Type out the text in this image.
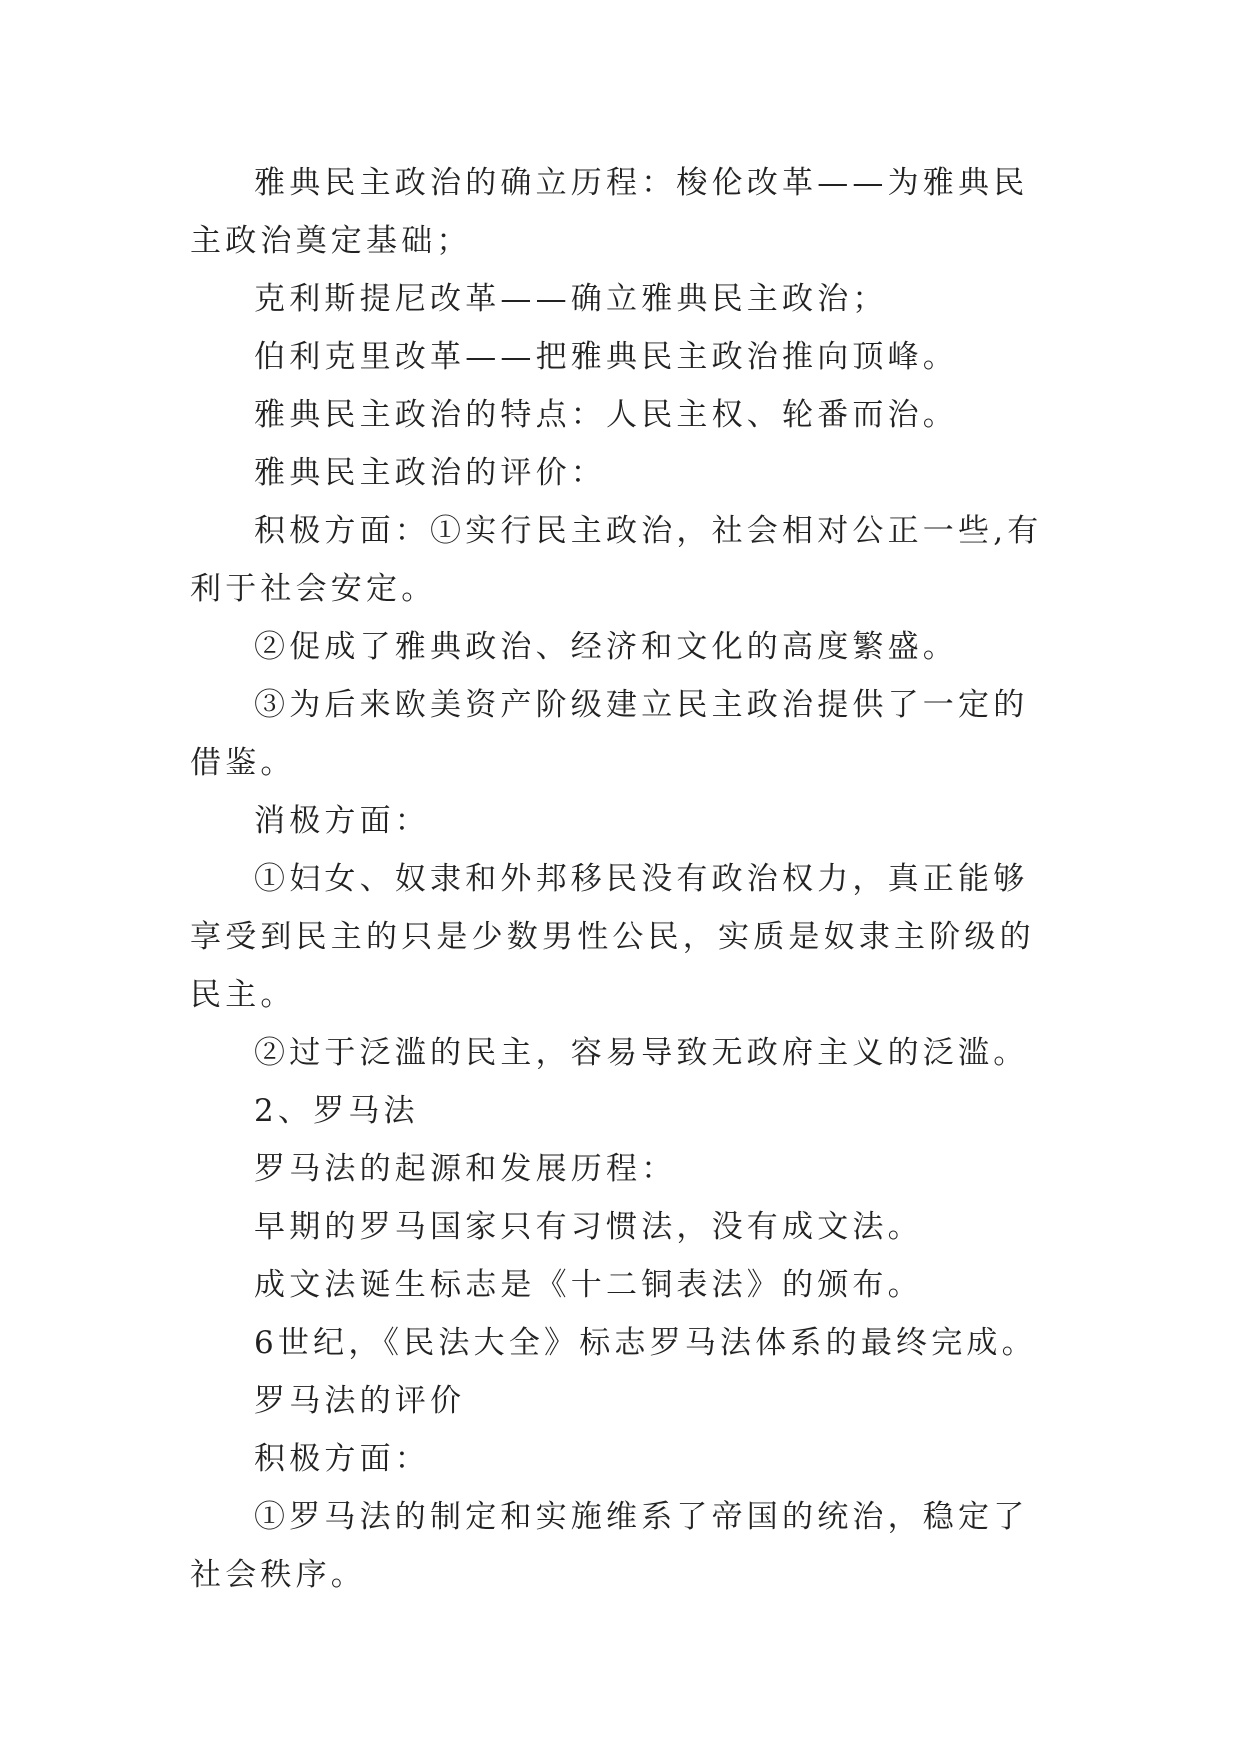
雅典民主政治的确立历程：梭伦改革——为雅典民主政治奠定基础；

克利斯提尼改革——确立雅典民主政治；

伯利克里改革——把雅典民主政治推向顶峰。

雅典民主政治的特点：人民主权、轮番而治。

雅典民主政治的评价：

积极方面：①实行民主政治，社会相对公正一些,有利于社会安定。

②促成了雅典政治、经济和文化的高度繁盛。

③为后来欧美资产阶级建立民主政治提供了一定的借鉴。

消极方面：

①妇女、奴隶和外邦移民没有政治权力，真正能够享受到民主的只是少数男性公民，实质是奴隶主阶级的民主。

②过于泛滥的民主，容易导致无政府主义的泛滥。

2、罗马法

罗马法的起源和发展历程：

早期的罗马国家只有习惯法，没有成文法。

成文法诞生标志是《十二铜表法》的颁布。

6世纪，《民法大全》标志罗马法体系的最终完成。

罗马法的评价

积极方面：

①罗马法的制定和实施维系了帝国的统治，稳定了社会秩序。
